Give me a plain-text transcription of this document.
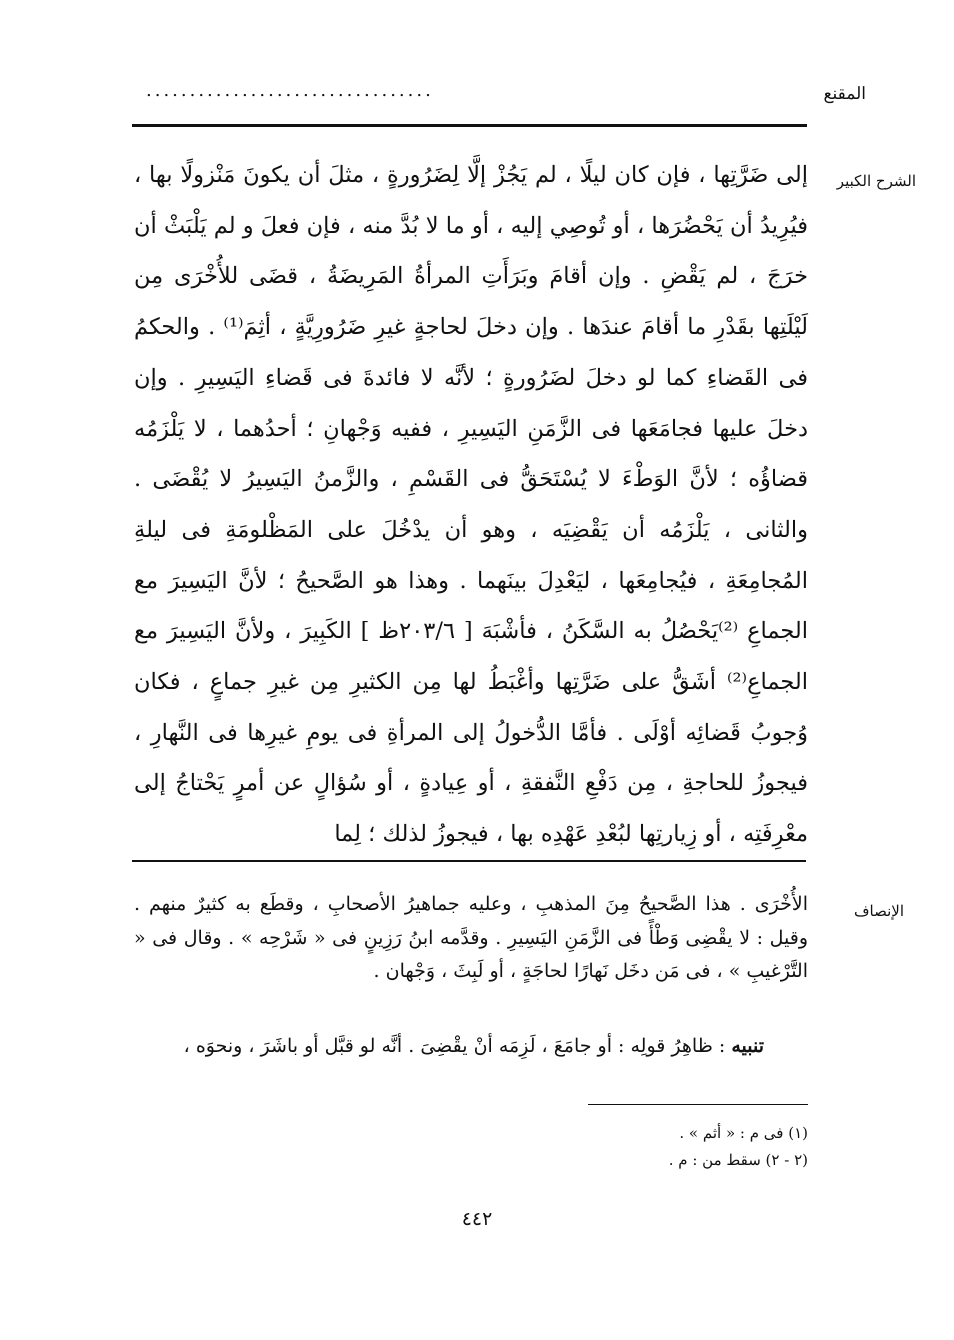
المقنع
.................................
الشرح الكبير

إلى ضَرَّتِها ، فإن كان ليلًا ، لم يَجُزْ إلَّا لِضَرُورةٍ ، مثلَ أن يكونَ مَنْزولًا بها ، فيُرِيدُ أن يَحْضُرَها ، أو تُوصِي إليه ، أو ما لا بُدَّ منه ، فإن فعلَ و لم يَلْبَثْ أن خرَجَ ، لم يَقْضِ . وإن أقامَ وبَرَأَتِ المرأةُ المَرِيضَةُ ، قضَى للأُخْرَى مِن لَيْلَتِها بقَدْرِ ما أقامَ عندَها . وإن دخلَ لحاجةٍ غيرِ ضَرُورِيَّةٍ ، أثِمَ⁽¹⁾ . والحكمُ فى القَضاءِ كما لو دخلَ لضَرُورةٍ ؛ لأنَّه لا فائدةَ فى قَضاءِ اليَسِيرِ . وإن دخلَ عليها فجامَعَها فى الزَّمَنِ اليَسِيرِ ، ففيه وَجْهانِ ؛ أحدُهما ، لا يَلْزَمُه قضاؤُه ؛ لأنَّ الوَطْءَ لا يُسْتَحَقُّ فى القَسْمِ ، والزَّمنُ اليَسِيرُ لا يُقْضَى . والثانى ، يَلْزَمُه أن يَقْضِيَه ، وهو أن يدْخُلَ على المَظْلومَةِ فى ليلةِ المُجامِعَةِ ، فيُجامِعَها ، ليَعْدِلَ بينَهما . وهذا هو الصَّحيحُ ؛ لأنَّ اليَسِيرَ مع الجماعِ ⁽²⁾يَحْصُلُ به السَّكَنُ ، فأشْبَهَ [ ٢٠٣/٦ظ ] الكَبِيرَ ، ولأنَّ اليَسِيرَ مع الجماعِ⁽²⁾ أشَقُّ على ضَرَّتِها وأغْبَطُ لها مِن الكثيرِ مِن غيرِ جماعٍ ، فكان وُجوبُ قَضائِه أوْلَى . فأمَّا الدُّخولُ إلى المرأةِ فى يومِ غيرِها فى النَّهارِ ، فيجوزُ للحاجةِ ، مِن دَفْعِ النَّفقةِ ، أو عِيادةٍ ، أو سُؤالٍ عن أمرٍ يَحْتاجُ إلى معْرِفَتِه ، أو زِيارتِها لبُعْدِ عَهْدِه بها ، فيجوزُ لذلك ؛ لِما

الإنصاف

الأُخْرَى . هذا الصَّحيحُ مِنَ المذهبِ ، وعليه جماهيرُ الأصحابِ ، وقطَع به كثيرٌ منهم . وقيل : لا يقْضِى وَطْأً فى الزَّمَنِ اليَسِيرِ . وقدَّمه ابنُ رَزِينٍ فى « شَرْحِه » . وقال فى « التَّرْغيبِ » ، فى مَن دخَل نَهارًا لحاجَةٍ ، أو لَبِثَ ، وَجْهان .

تنبيه : ظاهِرُ قولِه : أو جامَعَ ، لَزِمَه أنْ يقْضِىَ . أنَّه لو قبَّل أو باشَرَ ، ونحوَه ،

(١) فى م : « أثم » .

(٢ - ٢) سقط من : م .

٤٤٢
